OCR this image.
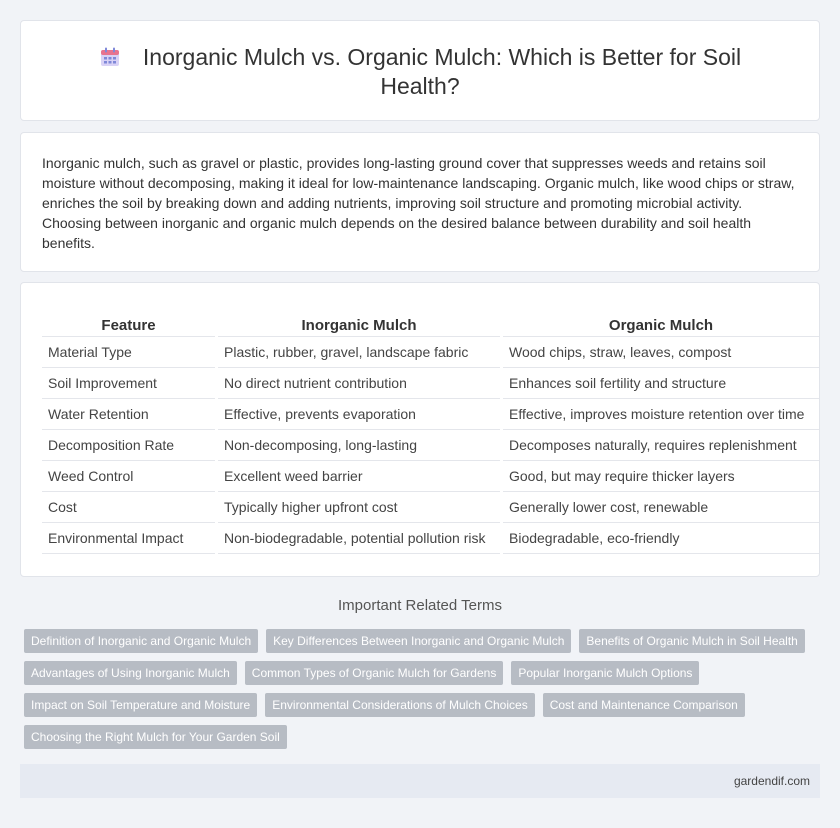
Inorganic Mulch vs. Organic Mulch: Which is Better for Soil Health?

Inorganic mulch, such as gravel or plastic, provides long-lasting ground cover that suppresses weeds and retains soil moisture without decomposing, making it ideal for low-maintenance landscaping. Organic mulch, like wood chips or straw, enriches the soil by breaking down and adding nutrients, improving soil structure and promoting microbial activity. Choosing between inorganic and organic mulch depends on the desired balance between durability and soil health benefits.

Feature		Inorganic Mulch		Organic Mulch
Material Type		Plastic, rubber, gravel, landscape fabric		Wood chips, straw, leaves, compost
Soil Improvement		No direct nutrient contribution		Enhances soil fertility and structure
Water Retention		Effective, prevents evaporation		Effective, improves moisture retention over time
Decomposition Rate		Non-decomposing, long-lasting		Decomposes naturally, requires replenishment
Weed Control		Excellent weed barrier		Good, but may require thicker layers
Cost		Typically higher upfront cost		Generally lower cost, renewable
Environmental Impact		Non-biodegradable, potential pollution risk		Biodegradable, eco-friendly
Important Related Terms
Definition of Inorganic and Organic Mulch	Key Differences Between Inorganic and Organic Mulch	Benefits of Organic Mulch in Soil Health
Advantages of Using Inorganic Mulch	Common Types of Organic Mulch for Gardens	Popular Inorganic Mulch Options
Impact on Soil Temperature and Moisture	Environmental Considerations of Mulch Choices	Cost and Maintenance Comparison
Choosing the Right Mulch for Your Garden Soil
gardendif.com
